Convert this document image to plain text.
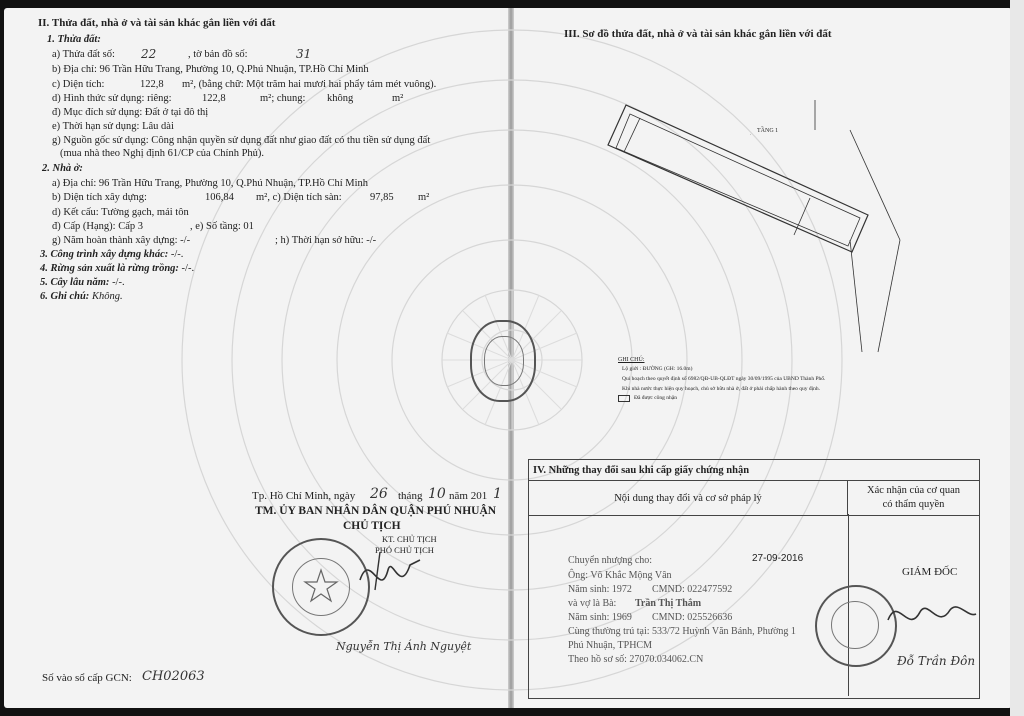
II. Thửa đất, nhà ở và tài sản khác gắn liền với đất
1. Thửa đất:
a) Thửa đất số: 22	, tờ bản đồ số:	31
b) Địa chỉ: 96 Trần Hữu Trang, Phường 10, Q.Phú Nhuận, TP.Hồ Chí Minh
c) Diện tích:	122,8 m², (bằng chữ: Một trăm hai mươi hai phẩy tám mét vuông).
d) Hình thức sử dụng: riêng:	122,8	m²; chung: không	m²
đ) Mục đích sử dụng: Đất ở tại đô thị
e) Thời hạn sử dụng: Lâu dài
g) Nguồn gốc sử dụng: Công nhận quyền sử dụng đất như giao đất có thu tiền sử dụng đất
(mua nhà theo Nghị định 61/CP của Chính Phủ).
2. Nhà ở:
a) Địa chỉ: 96 Trần Hữu Trang, Phường 10, Q.Phú Nhuận, TP.Hồ Chí Minh
b) Diện tích xây dựng:	106,84 m², c) Diện tích sàn:	97,85 m²
d) Kết cấu: Tường gạch, mái tôn
đ) Cấp (Hạng): Cấp 3	, e) Số tầng: 01
g) Năm hoàn thành xây dựng: -/-	; h) Thời hạn sở hữu: -/-
3. Công trình xây dựng khác: -/-.
4. Rừng sản xuất là rừng trồng: -/-.
5. Cây lâu năm: -/-.
6. Ghi chú: Không.
Tp. Hồ Chí Minh, ngày 26 tháng 10 năm 201 1
TM. ỦY BAN NHÂN DÂN QUẬN PHÚ NHUẬN
CHỦ TỊCH
KT. CHỦ TỊCH
PHÓ CHỦ TỊCH
Nguyễn Thị Ánh Nguyệt
Số vào sổ cấp GCN: CH02063
III. Sơ đồ thửa đất, nhà ở và tài sản khác gắn liền với đất
. TẦNG 1
GHI CHÚ:
Lộ giới : ĐƯỜNG (GH: 16.0m)
Qui hoạch theo quyết định số 6982/QĐ-UB-QLĐT ngày 30/09/1995 của UBND Thành Phố.
Khi nhà nước thực hiện quy hoạch, chủ sở hữu nhà ở, đất ở phải chấp hành theo quy định.
Đã được công nhận
IV. Những thay đổi sau khi cấp giấy chứng nhận
Nội dung thay đổi và cơ sở pháp lý	Xác nhận của cơ quan
có thẩm quyền

27-09-2016
GIÁM ĐỐC
Chuyển nhượng cho:
Ông: Võ Khắc Mộng Vân
Năm sinh: 1972 CMND: 022477592
và vợ là Bà: Trần Thị Thắm
Năm sinh: 1969 CMND: 025526636
Cùng thường trú tại: 533/72 Huỳnh Văn Bánh, Phường 1
Phú Nhuận, TPHCM
Theo hồ sơ số: 27070.034062.CN	Đỗ Trần Đôn
